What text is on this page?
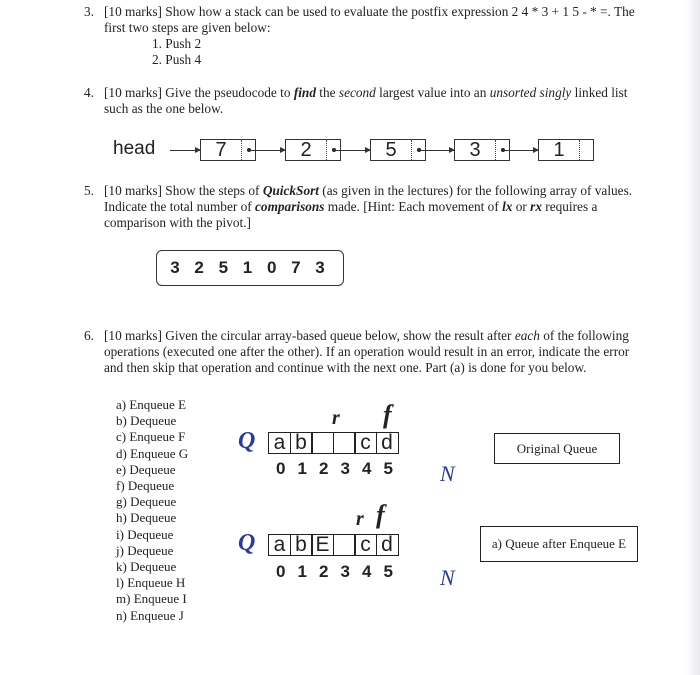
3. [10 marks] Show how a stack can be used to evaluate the postfix expression 2 4 * 3 + 1 5 - * =. The
first two steps are given below:
1. Push 2
2. Push 4
4. [10 marks] Give the pseudocode to find the second largest value into an unsorted singly linked list
such as the one below.
head	7	2	5	3	1
5. [10 marks] Show the steps of QuickSort (as given in the lectures) for the following array of values.
Indicate the total number of comparisons made. [Hint: Each movement of lx or rx requires a
comparison with the pivot.]
3 2 5 1 0 7 3
6. [10 marks] Given the circular array-based queue below, show the result after each of the following
operations (executed one after the other). If an operation would result in an error, indicate the error
and then skip that operation and continue with the next one. Part (a) is done for you below.
a) Enqueue E
b) Dequeue
c) Enqueue F
d) Enqueue G
e) Dequeue
f) Dequeue
g) Dequeue
h) Dequeue
i) Dequeue
j) Dequeue
k) Dequeue
l) Enqueue H
m) Enqueue I
n) Enqueue J
r f
Q a b	c d
0 1 2 3 4 5 N
Original Queue
r f
Q a b E c d
0 1 2 3 4 5 N
a) Queue after Enqueue E
